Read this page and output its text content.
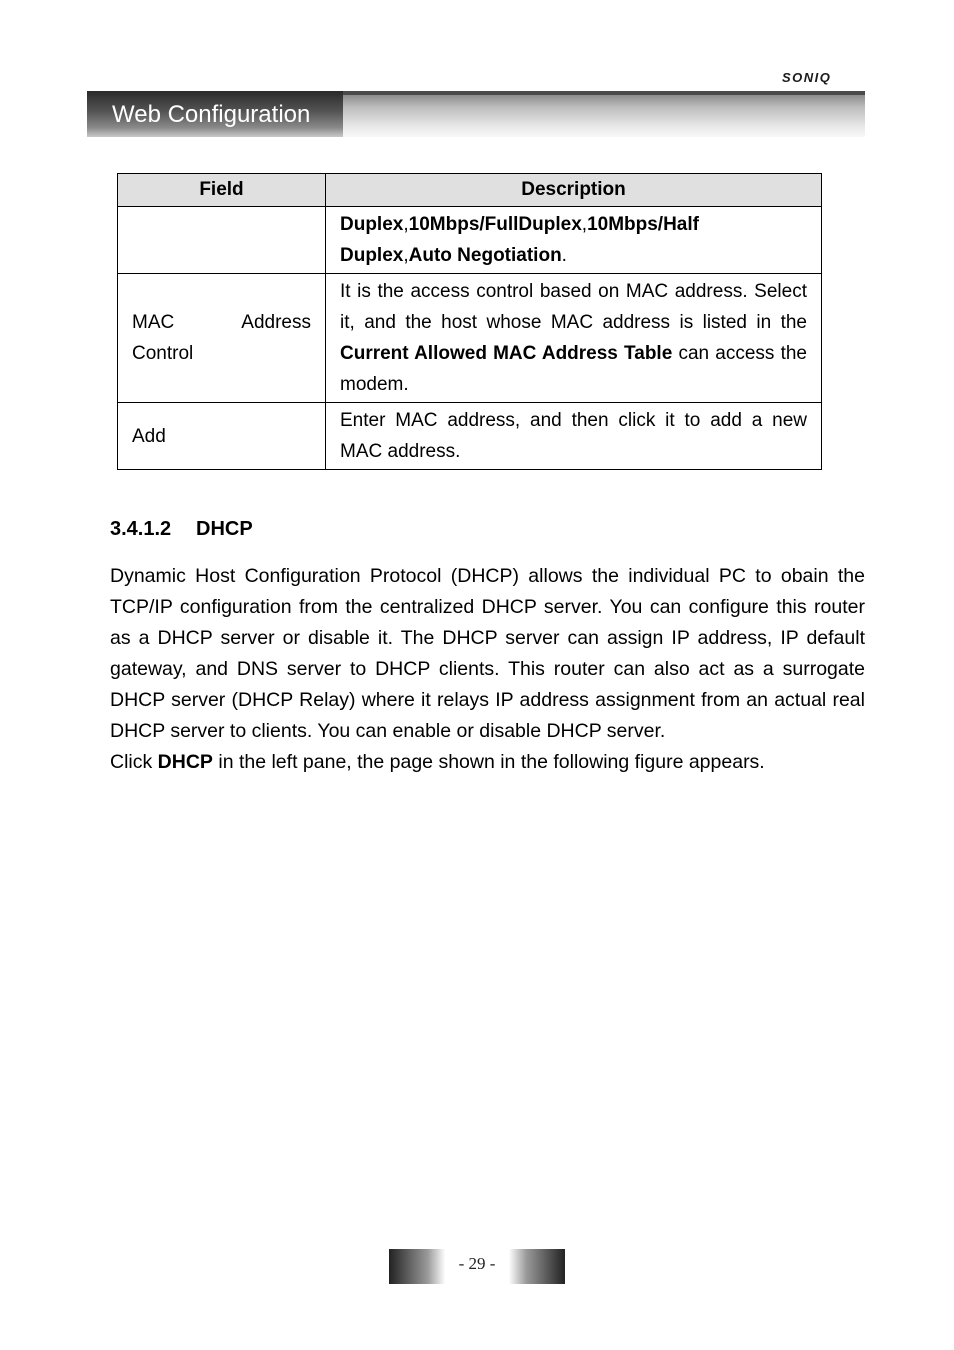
SONIQ
Web Configuration
Field	Description
	Duplex,10Mbps/FullDuplex,10Mbps/Half Duplex,Auto Negotiation.

MAC Address
Control	It is the access control based on MAC address. Select it, and the host whose MAC address is listed in the Current Allowed MAC Address Table can access the modem.
Add	Enter MAC address, and then click it to add a new MAC address.
3.4.1.2 DHCP

Dynamic Host Configuration Protocol (DHCP) allows the individual PC to obain the TCP/IP configuration from the centralized DHCP server. You can configure this router as a DHCP server or disable it. The DHCP server can assign IP address, IP default gateway, and DNS server to DHCP clients. This router can also act as a surrogate DHCP server (DHCP Relay) where it relays IP address assignment from an actual real DHCP server to clients. You can enable or disable DHCP server.

Click DHCP in the left pane, the page shown in the following figure appears.

- 29 -
